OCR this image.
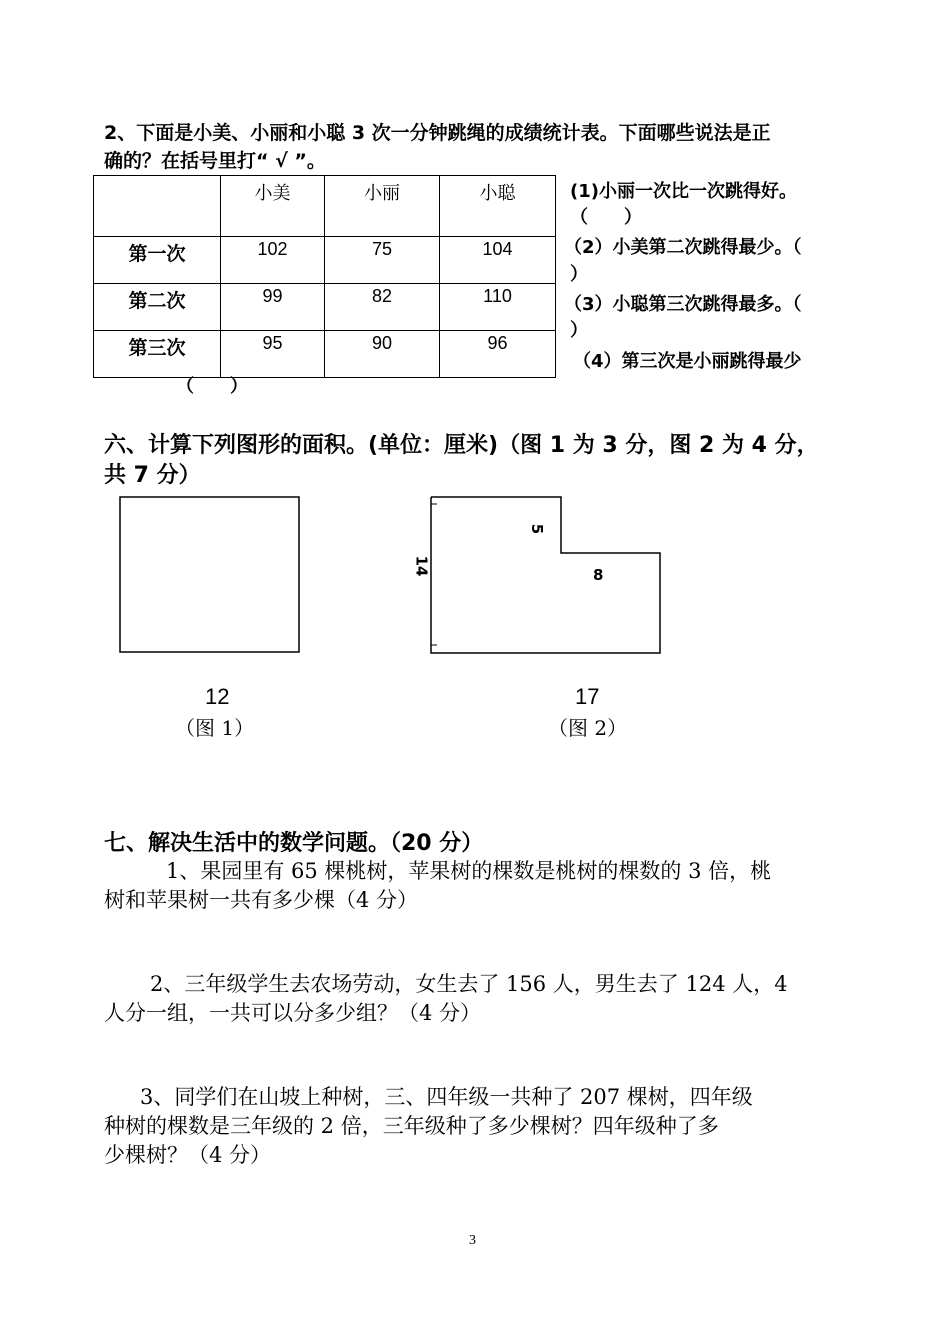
2、下面是小美、小丽和小聪 3 次一分钟跳绳的成绩统计表。下面哪些说法是正
确的？在括号里打“ √ ”。
	小美	小丽	小聪
第一次	102	75	104
第二次	99	82	110
第三次	95	90	96
(1)小丽一次比一次跳得好。
（　　）
（2）小美第二次跳得最少。（
）
（3）小聪第三次跳得最多。（
）
（4）第三次是小丽跳得最少
（　　）
六、计算下列图形的面积。(单位：厘米)（图 1 为 3 分，图 2 为 4 分，
共 7 分）
12
（图 1）
5
14	8
17
（图 2）
七、解决生活中的数学问题。（20 分）
1、果园里有 65 棵桃树，苹果树的棵数是桃树的棵数的 3 倍，桃
树和苹果树一共有多少棵（4 分）
2、三年级学生去农场劳动，女生去了 156 人，男生去了 124 人，4
人分一组，一共可以分多少组？（4 分）
3、同学们在山坡上种树，三、四年级一共种了 207 棵树，四年级
种树的棵数是三年级的 2 倍，三年级种了多少棵树？四年级种了多
少棵树？（4 分）
3
